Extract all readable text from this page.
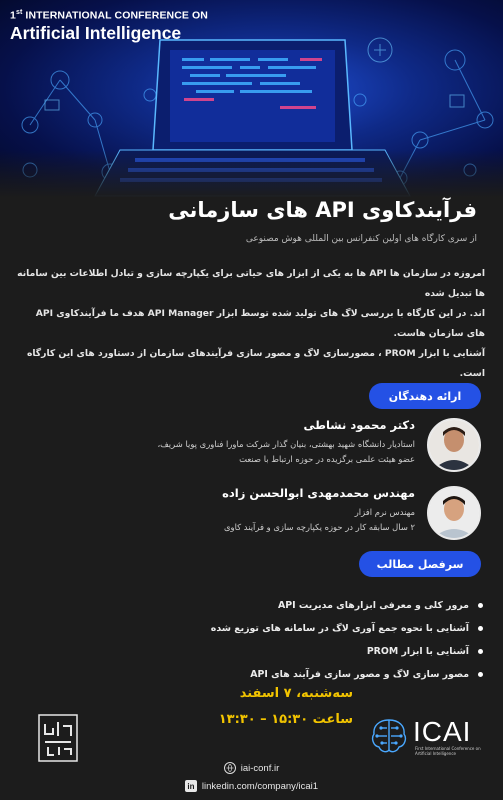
1st INTERNATIONAL CONFERENCE ON
Artificial Intelligence
فرآیندکاوی API های سازمانی
از سری کارگاه های اولین کنفرانس بین المللی هوش مصنوعی

امروزه در سازمان ها API ها به یکی از ابزار های حیاتی برای یکپارچه سازی و تبادل اطلاعات بین سامانه ها تبدیل شده

اند. در این کارگاه با بررسی لاگ های تولید شده توسط ابزار API Manager هدف ما فرآیندکاوی API های سازمان هاست.

آشنایی با ابزار PROM ، مصورسازی لاگ و مصور سازی فرآیندهای سازمان از دستاورد های این کارگاه است.

ارائه دهندگان
دکتر محمود نشاطی
استادیار دانشگاه شهید بهشتی، بنیان گذار شرکت ماورا فناوری پویا شریف،
عضو هیئت علمی برگزیده در حوزه ارتباط با صنعت
مهندس محمدمهدی ابوالحسن زاده
مهندس نرم افزار
۲ سال سابقه کار در حوزه یکپارچه سازی و فرآیند کاوی
سرفصل مطالب
مرور کلی و معرفی ابزارهای مدیریت API
آشنایی با نحوه جمع آوری لاگ در سامانه های توزیع شده
آشنایی با ابزار PROM
مصور سازی لاگ و مصور سازی فرآیند های API
سه‌شنبه، ۷ اسفند
ساعت ۱۵:۳۰ – ۱۳:۳۰ ICAI
First International Conference on Artificial Intelligence
iai-conf.ir
in linkedin.com/company/icai1
